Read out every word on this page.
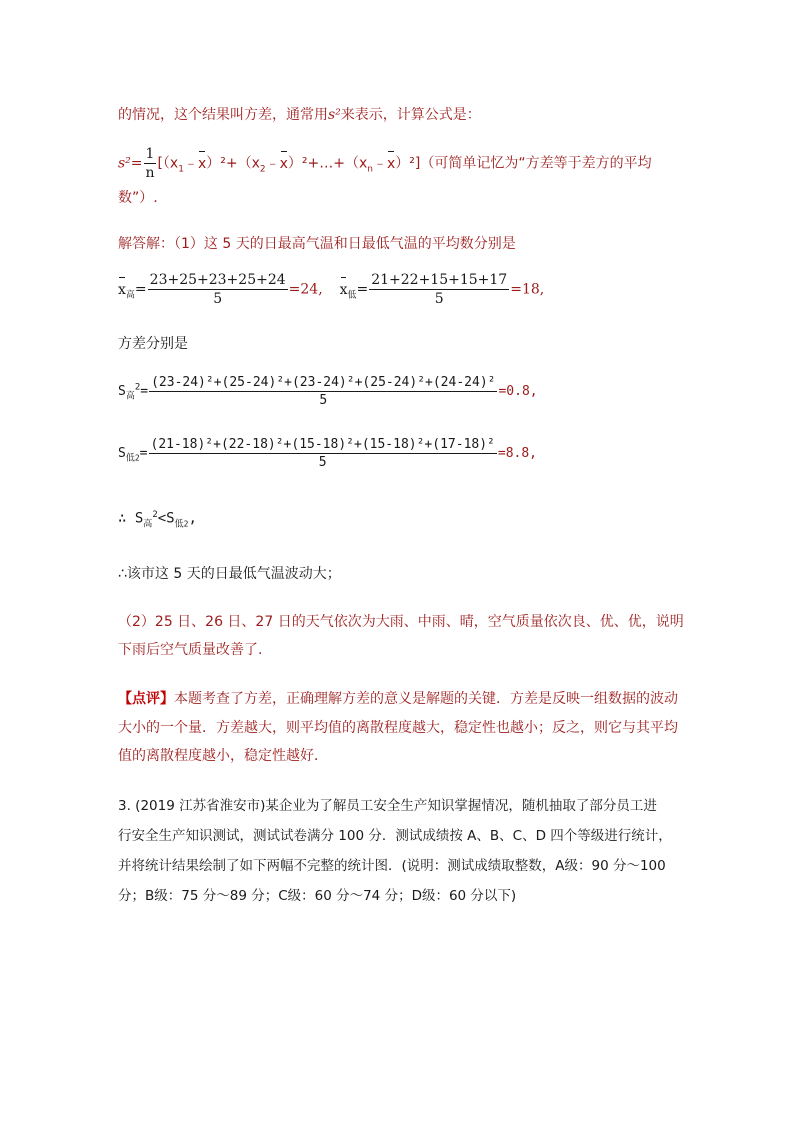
的情况，这个结果叫方差，通常用s²来表示，计算公式是：
$s^2= \frac{1}{n}$ $[(x_1﹣x)^2+(x_2﹣x)^2+\dots+(x_n﹣x)^2]$（可简单记忆为“方差等于差方的平均
数”）.
解答解：（1）这 5 天的日最高气温和日最低气温的平均数分别是
$x_高= \frac{23+25+23+25+24}{5} =24$, $x_低= \frac{21+22+15+15+17}{5} =18$,
方差分别是
$S_高^2= \frac{\text{(23-24)²+(25-24)²+(23-24)²+(25-24)²+(24-24)²}}{5} =0.8$,
$S_{低2}= \frac{\text{(21-18)²+(22-18)²+(15-18)²+(15-18)²+(17-18)²}}{5} =8.8$,
∴ $S_高^2<S_{低2}$,
∴该市这 5 天的日最低气温波动大；
（2）25 日、26 日、27 日的天气依次为大雨、中雨、晴，空气质量依次良、优、优，说明
下雨后空气质量改善了.
【点评】本题考查了方差，正确理解方差的意义是解题的关键．方差是反映一组数据的波动
大小的一个量．方差越大，则平均值的离散程度越大，稳定性也越小；反之，则它与其平均
值的离散程度越小，稳定性越好．
3. (2019 江苏省淮安市)某企业为了解员工安全生产知识掌握情况，随机抽取了部分员工进
行安全生产知识测试，测试试卷满分 100 分．测试成绩按 A、B、C、D 四个等级进行统计，
并将统计结果绘制了如下两幅不完整的统计图．(说明：测试成绩取整数，A级：90 分～100
分；B级：75 分～89 分；C级：60 分～74 分；D级：60 分以下)
